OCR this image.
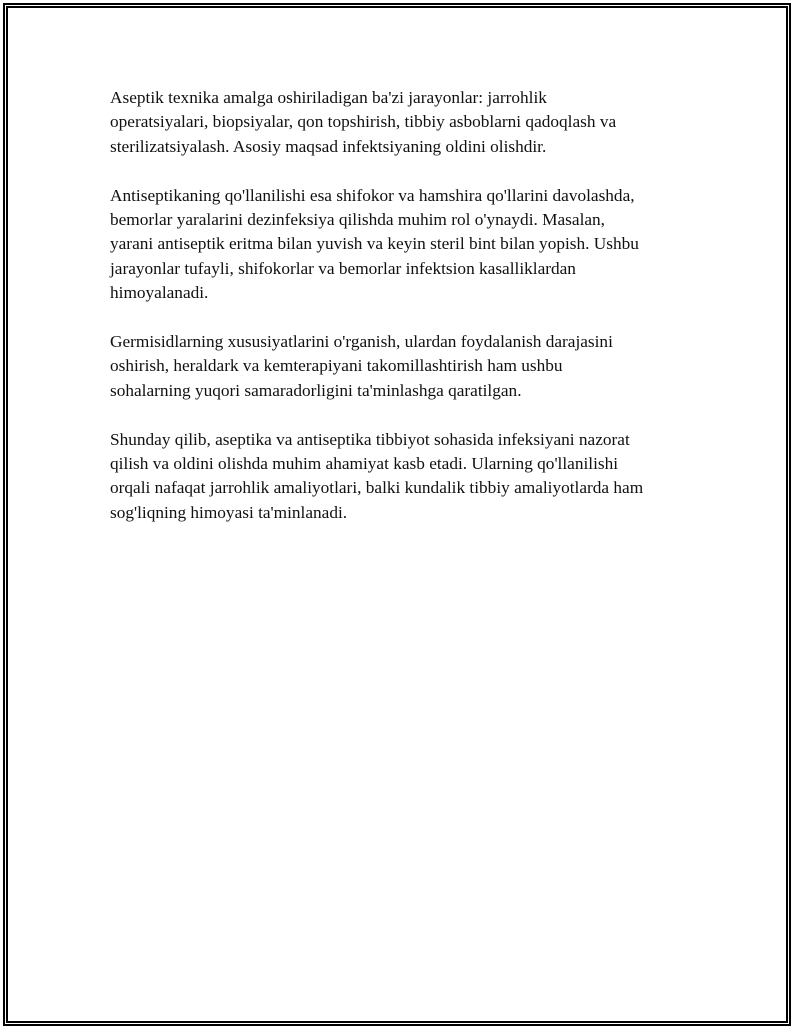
Aseptik texnika amalga oshiriladigan ba'zi jarayonlar: jarrohlik
operatsiyalari, biopsiyalar, qon topshirish, tibbiy asboblarni qadoqlash va
sterilizatsiyalash. Asosiy maqsad infektsiyaning oldini olishdir.

Antiseptikaning qo'llanilishi esa shifokor va hamshira qo'llarini davolashda,
bemorlar yaralarini dezinfeksiya qilishda muhim rol o'ynaydi. Masalan,
yarani antiseptik eritma bilan yuvish va keyin steril bint bilan yopish. Ushbu
jarayonlar tufayli, shifokorlar va bemorlar infektsion kasalliklardan
himoyalanadi.

Germisidlarning xususiyatlarini o'rganish, ulardan foydalanish darajasini
oshirish, heraldark va kemterapiyani takomillashtirish ham ushbu
sohalarning yuqori samaradorligini ta'minlashga qaratilgan.

Shunday qilib, aseptika va antiseptika tibbiyot sohasida infeksiyani nazorat
qilish va oldini olishda muhim ahamiyat kasb etadi. Ularning qo'llanilishi
orqali nafaqat jarrohlik amaliyotlari, balki kundalik tibbiy amaliyotlarda ham
sog'liqning himoyasi ta'minlanadi.
